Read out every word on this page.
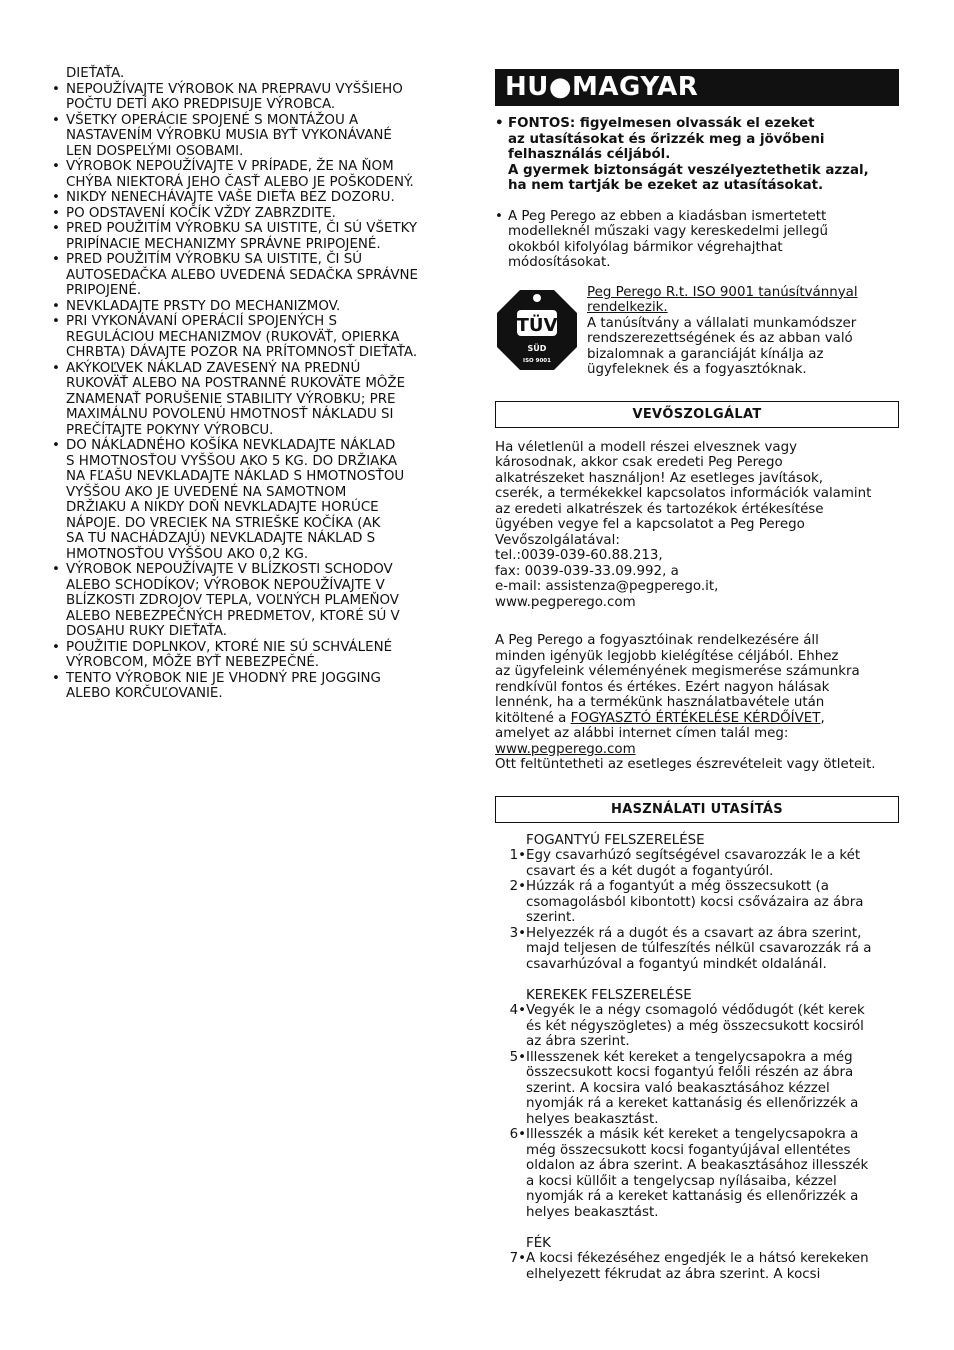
DIEŤAŤA.
• NEPOUŽÍVAJTE VÝROBOK NA PREPRAVU VYŠŠIEHO
POČTU DETÍ AKO PREDPISUJE VÝROBCA.
• VŠETKY OPERÁCIE SPOJENÉ S MONTÁŽOU A
NASTAVENÍM VÝROBKU MUSIA BYŤ VYKONÁVANÉ
LEN DOSPELÝMI OSOBAMI.
• VÝROBOK NEPOUŽÍVAJTE V PRÍPADE, ŽE NA ŇOM
CHÝBA NIEKTORÁ JEHO ČASŤ ALEBO JE POŠKODENÝ.
• NIKDY NENECHÁVAJTE VAŠE DIEŤA BEZ DOZORU.
• PO ODSTAVENÍ KOČÍK VŽDY ZABRZDITE.
• PRED POUŽITÍM VÝROBKU SA UISTITE, ČI SÚ VŠETKY
PRIPÍNACIE MECHANIZMY SPRÁVNE PRIPOJENÉ.
• PRED POUŽITÍM VÝROBKU SA UISTITE, ČI SÚ
AUTOSEDAČKA ALEBO UVEDENÁ SEDAČKA SPRÁVNE
PRIPOJENÉ.
• NEVKLADAJTE PRSTY DO MECHANIZMOV.
• PRI VYKONÁVANÍ OPERÁCIÍ SPOJENÝCH S
REGULÁCIOU MECHANIZMOV (RUKOVÄŤ, OPIERKA
CHRBTA) DÁVAJTE POZOR NA PRÍTOMNOSŤ DIEŤAŤA.
• AKÝKOĽVEK NÁKLAD ZAVESENÝ NA PREDNÚ
RUKOVÄŤ ALEBO NA POSTRANNÉ RUKOVÄTE MÔŽE
ZNAMENAŤ PORUŠENIE STABILITY VÝROBKU; PRE
MAXIMÁLNU POVOLENÚ HMOTNOSŤ NÁKLADU SI
PREČÍTAJTE POKYNY VÝROBCU.
• DO NÁKLADNÉHO KOŠÍKA NEVKLADAJTE NÁKLAD
S HMOTNOSŤOU VYŠŠOU AKO 5 KG. DO DRŽIAKA
NA FĽAŠU NEVKLADAJTE NÁKLAD S HMOTNOSŤOU
VYŠŠOU AKO JE UVEDENÉ NA SAMOTNOM
DRŽIAKU A NIKDY DOŇ NEVKLADAJTE HORÚCE
NÁPOJE. DO VRECIEK NA STRIEŠKE KOČÍKA (AK
SA TU NACHÁDZAJÚ) NEVKLADAJTE NÁKLAD S
HMOTNOSŤOU VYŠŠOU AKO 0,2 KG.
• VÝROBOK NEPOUŽÍVAJTE V BLÍZKOSTI SCHODOV
ALEBO SCHODÍKOV; VÝROBOK NEPOUŽÍVAJTE V
BLÍZKOSTI ZDROJOV TEPLA, VOĽNÝCH PLAMEŇOV
ALEBO NEBEZPEČNÝCH PREDMETOV, KTORÉ SÚ V
DOSAHU RUKY DIEŤAŤA.
• POUŽITIE DOPLNKOV, KTORÉ NIE SÚ SCHVÁLENÉ
VÝROBCOM, MÔŽE BYŤ NEBEZPEČNÉ.
• TENTO VÝROBOK NIE JE VHODNÝ PRE JOGGING
ALEBO KORČUĽOVANIE.
HU●MAGYAR
• FONTOS: figyelmesen olvassák el ezeket
az utasításokat és őrizzék meg a jövőbeni
felhasználás céljából.
A gyermek biztonságát veszélyeztethetik azzal,
ha nem tartják be ezeket az utasításokat.
• A Peg Perego az ebben a kiadásban ismertetett
modelleknél műszaki vagy kereskedelmi jellegű
okokból kifolyólag bármikor végrehajthat
módosításokat.
TÜV
SÜD
ISO 9001
Peg Perego R.t. ISO 9001 tanúsítvánnyal
rendelkezik.
A tanúsítvány a vállalati munkamódszer
rendszerezettségének és az abban való
bizalomnak a garanciáját kínálja az
ügyfeleknek és a fogyasztóknak.
VEVŐSZOLGÁLAT
Ha véletlenül a modell részei elvesznek vagy
károsodnak, akkor csak eredeti Peg Perego
alkatrészeket használjon! Az esetleges javítások,
cserék, a termékekkel kapcsolatos információk valamint
az eredeti alkatrészek és tartozékok értékesítése
ügyében vegye fel a kapcsolatot a Peg Perego
Vevőszolgálatával:
tel.:0039-039-60.88.213,
fax: 0039-039-33.09.992, a
e-mail: assistenza@pegperego.it,
www.pegperego.com
A Peg Perego a fogyasztóinak rendelkezésére áll
minden igényük legjobb kielégítése céljából. Ehhez
az ügyfeleink véleményének megismerése számunkra
rendkívül fontos és értékes. Ezért nagyon hálásak
lennénk, ha a termékünk használatbavétele után
kitöltené a FOGYASZTÓ ÉRTÉKELÉSE KÉRDŐÍVET,
amelyet az alábbi internet címen talál meg:
www.pegperego.com
Ott feltüntetheti az esetleges észrevételeit vagy ötleteit.
HASZNÁLATI UTASÍTÁS
FOGANTYÚ FELSZERELÉSE
1• Egy csavarhúzó segítségével csavarozzák le a két
csavart és a két dugót a fogantyúról.
2• Húzzák rá a fogantyút a még összecsukott (a
csomagolásból kibontott) kocsi csővázaira az ábra
szerint.
3• Helyezzék rá a dugót és a csavart az ábra szerint,
majd teljesen de túlfeszítés nélkül csavarozzák rá a
csavarhúzóval a fogantyú mindkét oldalánál.
KEREKEK FELSZERELÉSE
4• Vegyék le a négy csomagoló védődugót (két kerek
és két négyszögletes) a még összecsukott kocsiról
az ábra szerint.
5• Illesszenek két kereket a tengelycsapokra a még
összecsukott kocsi fogantyú felőli részén az ábra
szerint. A kocsira való beakasztásához kézzel
nyomják rá a kereket kattanásig és ellenőrizzék a
helyes beakasztást.
6• Illesszék a másik két kereket a tengelycsapokra a
még összecsukott kocsi fogantyújával ellentétes
oldalon az ábra szerint. A beakasztásához illesszék
a kocsi küllőit a tengelycsap nyílásaiba, kézzel
nyomják rá a kereket kattanásig és ellenőrizzék a
helyes beakasztást.
FÉK
7• A kocsi fékezéséhez engedjék le a hátsó kerekeken
elhelyezett fékrudat az ábra szerint. A kocsi
